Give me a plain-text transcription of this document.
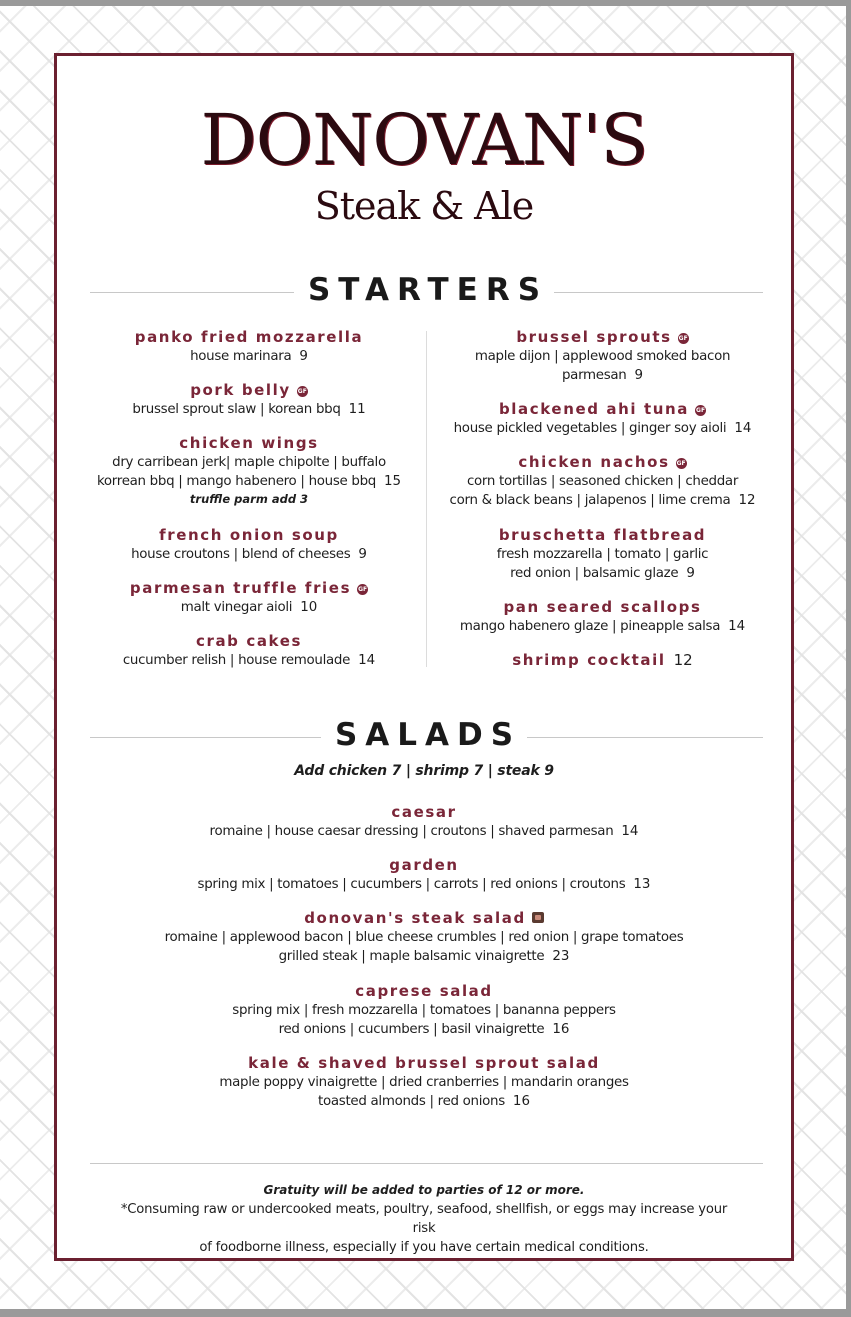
DONOVAN'S
Steak & Ale
STARTERS
panko fried mozzarella
house marinara 9
pork belly GF
brussel sprout slaw | korean bbq 11
chicken wings
dry carribean jerk| maple chipolte | buffalo
korrean bbq | mango habenero | house bbq 15
truffle parm add 3
french onion soup
house croutons | blend of cheeses 9
parmesan truffle fries GF
malt vinegar aioli 10
crab cakes
cucumber relish | house remoulade 14
brussel sprouts GF
maple dijon | applewood smoked bacon
parmesan 9
blackened ahi tuna GF
house pickled vegetables | ginger soy aioli 14
chicken nachos GF
corn tortillas | seasoned chicken | cheddar
corn & black beans | jalapenos | lime crema 12
bruschetta flatbread
fresh mozzarella | tomato | garlic
red onion | balsamic glaze 9
pan seared scallops
mango habenero glaze | pineapple salsa 14
shrimp cocktail 12
SALADS
Add chicken 7 | shrimp 7 | steak 9
caesar
romaine | house caesar dressing | croutons | shaved parmesan 14
garden
spring mix | tomatoes | cucumbers | carrots | red onions | croutons 13
donovan's steak salad
romaine | applewood bacon | blue cheese crumbles | red onion | grape tomatoes
grilled steak | maple balsamic vinaigrette 23
caprese salad
spring mix | fresh mozzarella | tomatoes | bananna peppers
red onions | cucumbers | basil vinaigrette 16
kale & shaved brussel sprout salad
maple poppy vinaigrette | dried cranberries | mandarin oranges
toasted almonds | red onions 16
Gratuity will be added to parties of 12 or more.
*Consuming raw or undercooked meats, poultry, seafood, shellfish, or eggs may increase your risk
of foodborne illness, especially if you have certain medical conditions.
